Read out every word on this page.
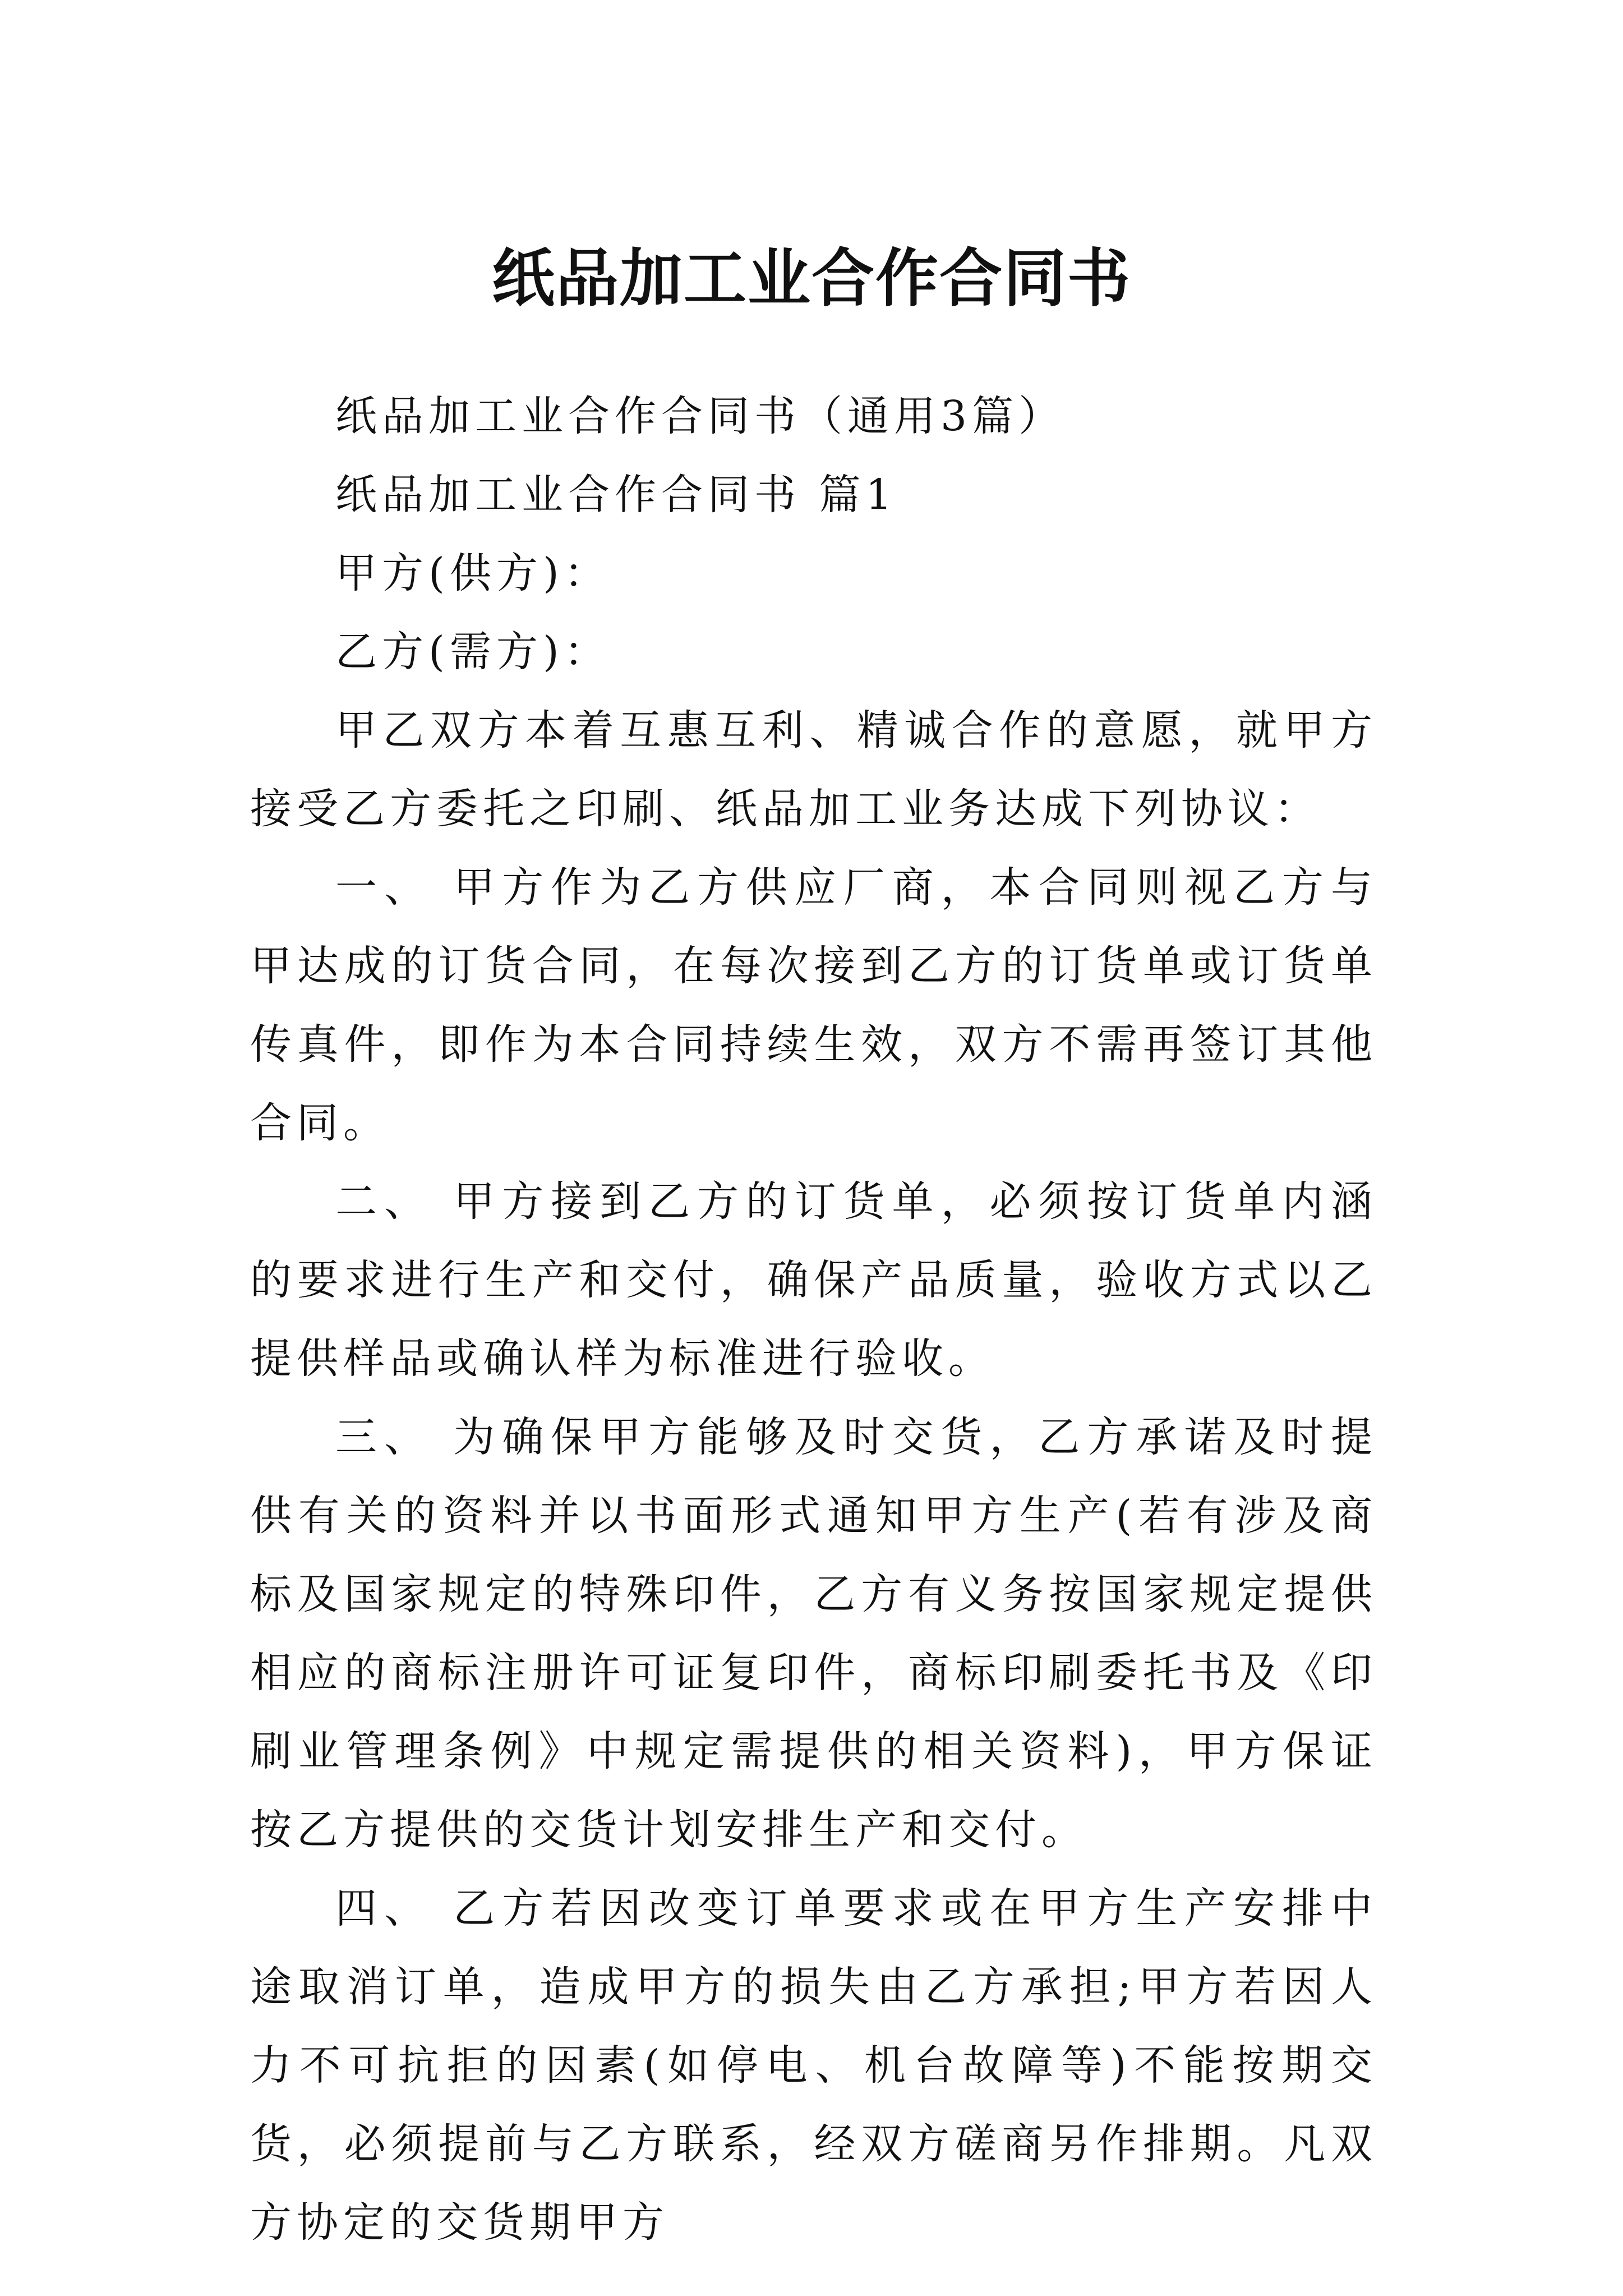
纸品加工业合作合同书

纸品加工业合作合同书（通用3篇）

纸品加工业合作合同书 篇1

甲方(供方)：

乙方(需方)：

甲乙双方本着互惠互利、精诚合作的意愿，就甲方接受乙方委托之印刷、纸品加工业务达成下列协议：

一、 甲方作为乙方供应厂商，本合同则视乙方与甲达成的订货合同，在每次接到乙方的订货单或订货单传真件，即作为本合同持续生效，双方不需再签订其他合同。

二、 甲方接到乙方的订货单，必须按订货单内涵的要求进行生产和交付，确保产品质量，验收方式以乙提供样品或确认样为标准进行验收。

三、 为确保甲方能够及时交货，乙方承诺及时提供有关的资料并以书面形式通知甲方生产(若有涉及商标及国家规定的特殊印件，乙方有义务按国家规定提供相应的商标注册许可证复印件，商标印刷委托书及《印刷业管理条例》中规定需提供的相关资料)，甲方保证按乙方提供的交货计划安排生产和交付。

四、 乙方若因改变订单要求或在甲方生产安排中途取消订单，造成甲方的损失由乙方承担;甲方若因人力不可抗拒的因素(如停电、机台故障等)不能按期交货，必须提前与乙方联系，经双方磋商另作排期。凡双方协定的交货期甲方
